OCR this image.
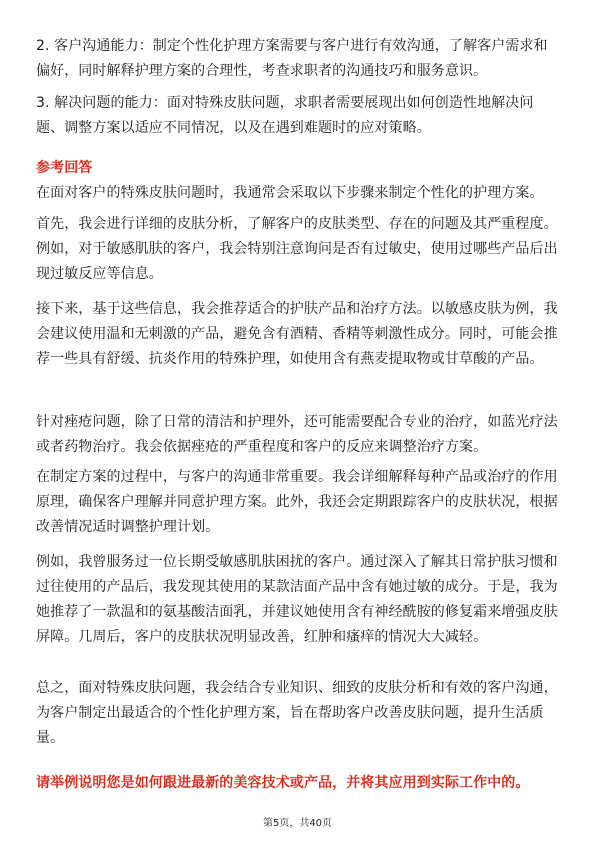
2. 客户沟通能力：制定个性化护理方案需要与客户进行有效沟通，了解客户需求和偏好，同时解释护理方案的合理性，考查求职者的沟通技巧和服务意识。

3. 解决问题的能力：面对特殊皮肤问题，求职者需要展现出如何创造性地解决问题、调整方案以适应不同情况，以及在遇到难题时的应对策略。

参考回答

在面对客户的特殊皮肤问题时，我通常会采取以下步骤来制定个性化的护理方案。

首先，我会进行详细的皮肤分析，了解客户的皮肤类型、存在的问题及其严重程度。例如，对于敏感肌肤的客户，我会特别注意询问是否有过敏史，使用过哪些产品后出现过敏反应等信息。

接下来，基于这些信息，我会推荐适合的护肤产品和治疗方法。以敏感皮肤为例，我会建议使用温和无刺激的产品，避免含有酒精、香精等刺激性成分。同时，可能会推荐一些具有舒缓、抗炎作用的特殊护理，如使用含有燕麦提取物或甘草酸的产品。

针对痤疮问题，除了日常的清洁和护理外，还可能需要配合专业的治疗，如蓝光疗法或者药物治疗。我会依据痤疮的严重程度和客户的反应来调整治疗方案。

在制定方案的过程中，与客户的沟通非常重要。我会详细解释每种产品或治疗的作用原理，确保客户理解并同意护理方案。此外，我还会定期跟踪客户的皮肤状况，根据改善情况适时调整护理计划。

例如，我曾服务过一位长期受敏感肌肤困扰的客户。通过深入了解其日常护肤习惯和过往使用的产品后，我发现其使用的某款洁面产品中含有她过敏的成分。于是，我为她推荐了一款温和的氨基酸洁面乳，并建议她使用含有神经酰胺的修复霜来增强皮肤屏障。几周后，客户的皮肤状况明显改善，红肿和瘙痒的情况大大减轻。

总之，面对特殊皮肤问题，我会结合专业知识、细致的皮肤分析和有效的客户沟通，为客户制定出最适合的个性化护理方案，旨在帮助客户改善皮肤问题，提升生活质量。

请举例说明您是如何跟进最新的美容技术或产品，并将其应用到实际工作中的。

第5页，共40页
